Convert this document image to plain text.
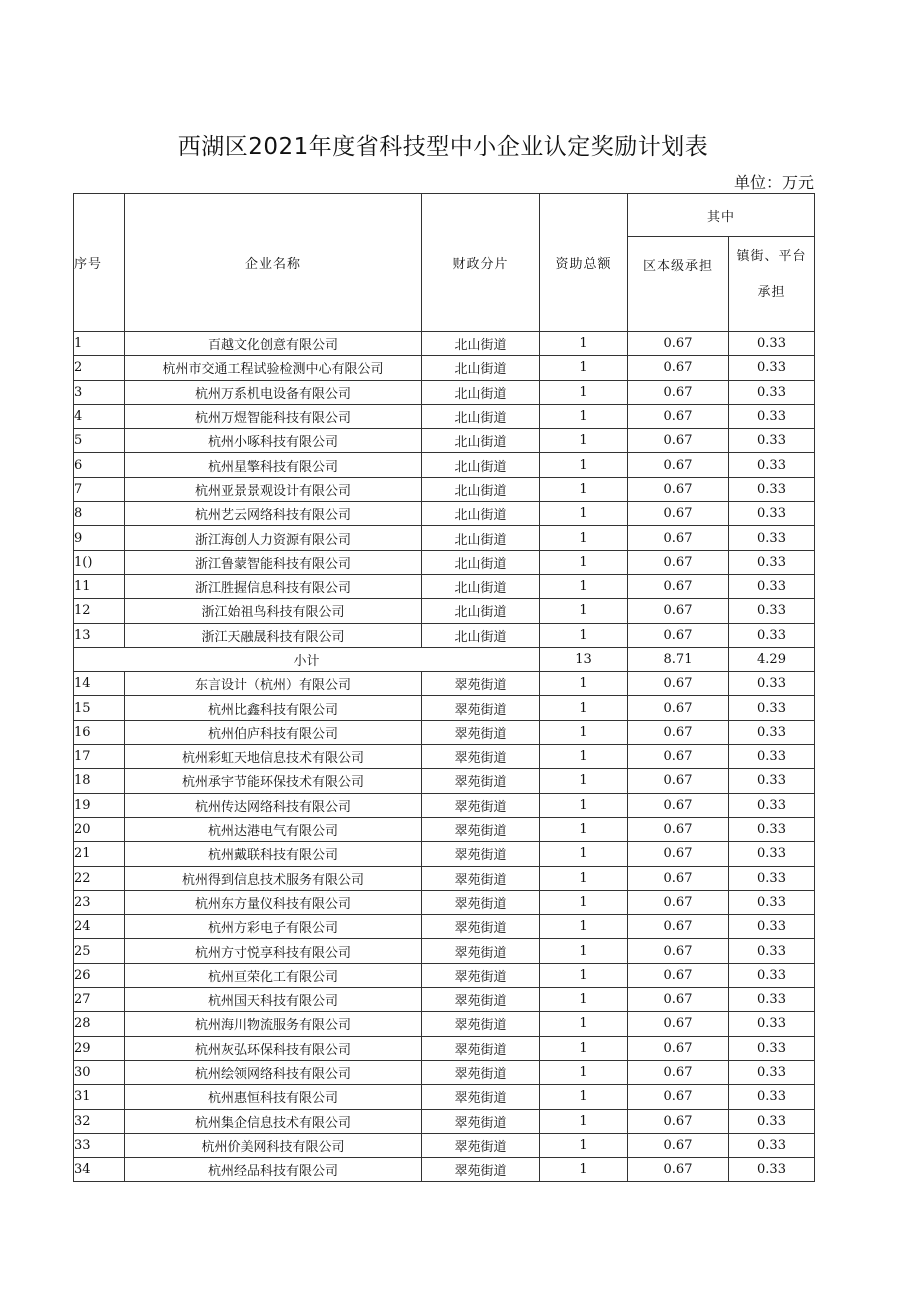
西湖区2021年度省科技型中小企业认定奖励计划表
单位：万元
序号	企业名称	财政分片	资助总额	其中	
				区本级承担	镇街、平台
承担

1	百越文化创意有限公司	北山街道	1	0.67	0.33
2	杭州市交通工程试验检测中心有限公司	北山街道	1	0.67	0.33
3	杭州万系机电设备有限公司	北山街道	1	0.67	0.33
4	杭州万煜智能科技有限公司	北山街道	1	0.67	0.33
5	杭州小啄科技有限公司	北山街道	1	0.67	0.33
6	杭州星擎科技有限公司	北山街道	1	0.67	0.33
7	杭州亚景景观设计有限公司	北山街道	1	0.67	0.33
8	杭州艺云网络科技有限公司	北山街道	1	0.67	0.33
9	浙江海创人力资源有限公司	北山街道	1	0.67	0.33
1()	浙江鲁蒙智能科技有限公司	北山街道	1	0.67	0.33
11	浙江胜握信息科技有限公司	北山街道	1	0.67	0.33
12	浙江始祖鸟科技有限公司	北山街道	1	0.67	0.33
13	浙江天融晟科技有限公司	北山街道	1	0.67	0.33
小计			13	8.71	4.29
14	东言设计（杭州）有限公司	翠苑街道	1	0.67	0.33
15	杭州比鑫科技有限公司	翠苑街道	1	0.67	0.33
16	杭州伯庐科技有限公司	翠苑街道	1	0.67	0.33
17	杭州彩虹天地信息技术有限公司	翠苑街道	1	0.67	0.33
18	杭州承宇节能环保技术有限公司	翠苑街道	1	0.67	0.33
19	杭州传达网络科技有限公司	翠苑街道	1	0.67	0.33
20	杭州达港电气有限公司	翠苑街道	1	0.67	0.33
21	杭州戴联科技有限公司	翠苑街道	1	0.67	0.33
22	杭州得到信息技术服务有限公司	翠苑街道	1	0.67	0.33
23	杭州东方量仪科技有限公司	翠苑街道	1	0.67	0.33
24	杭州方彩电子有限公司	翠苑街道	1	0.67	0.33
25	杭州方寸悦享科技有限公司	翠苑街道	1	0.67	0.33
26	杭州亘荣化工有限公司	翠苑街道	1	0.67	0.33
27	杭州国天科技有限公司	翠苑街道	1	0.67	0.33
28	杭州海川物流服务有限公司	翠苑街道	1	0.67	0.33
29	杭州灰弘环保科技有限公司	翠苑街道	1	0.67	0.33
30	杭州绘领网络科技有限公司	翠苑街道	1	0.67	0.33
31	杭州惠恒科技有限公司	翠苑街道	1	0.67	0.33
32	杭州集企信息技术有限公司	翠苑街道	1	0.67	0.33
33	杭州价美网科技有限公司	翠苑街道	1	0.67	0.33
34	杭州经品科技有限公司	翠苑街道	1	0.67	0.33
